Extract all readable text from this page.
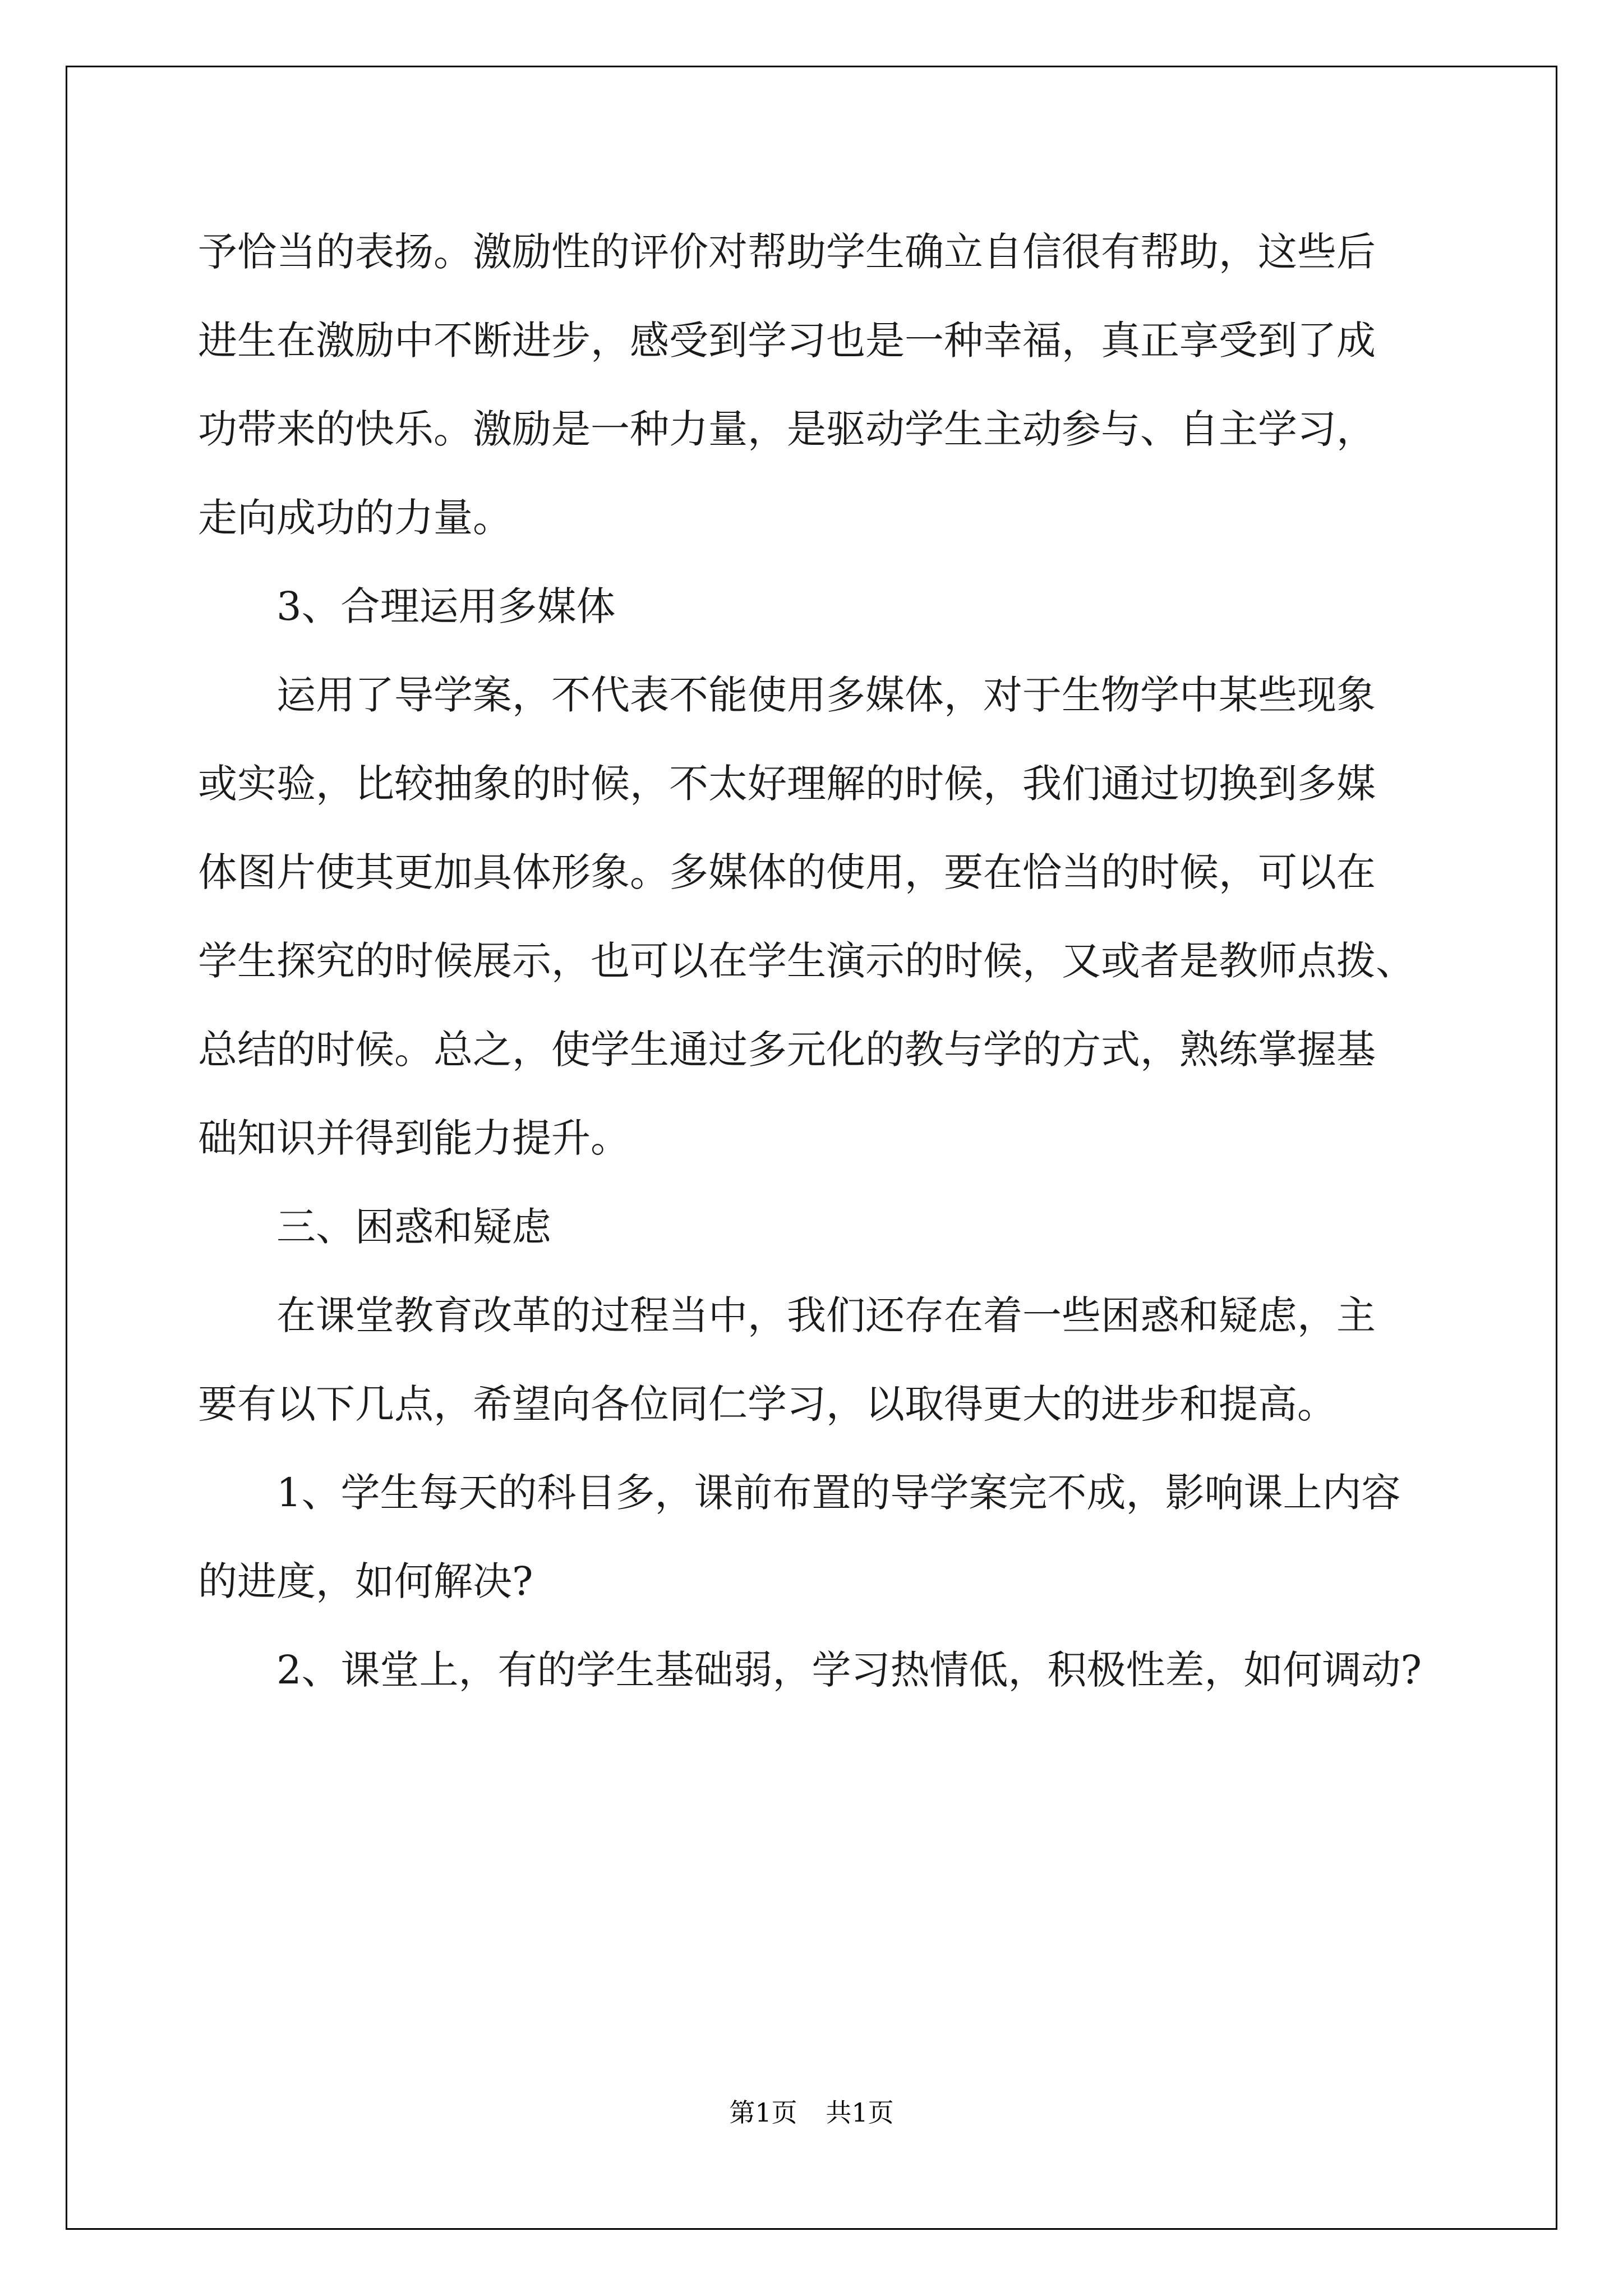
予恰当的表扬。激励性的评价对帮助学生确立自信很有帮助，这些后
进生在激励中不断进步，感受到学习也是一种幸福，真正享受到了成
功带来的快乐。激励是一种力量，是驱动学生主动参与、自主学习，
走向成功的力量。
3、合理运用多媒体
运用了导学案，不代表不能使用多媒体，对于生物学中某些现象
或实验，比较抽象的时候，不太好理解的时候，我们通过切换到多媒
体图片使其更加具体形象。多媒体的使用，要在恰当的时候，可以在
学生探究的时候展示，也可以在学生演示的时候，又或者是教师点拨、
总结的时候。总之，使学生通过多元化的教与学的方式，熟练掌握基
础知识并得到能力提升。
三、困惑和疑虑
在课堂教育改革的过程当中，我们还存在着一些困惑和疑虑，主
要有以下几点，希望向各位同仁学习，以取得更大的进步和提高。
1、学生每天的科目多，课前布置的导学案完不成，影响课上内容
的进度，如何解决?
2、课堂上，有的学生基础弱，学习热情低，积极性差，如何调动?
第1页 共1页
